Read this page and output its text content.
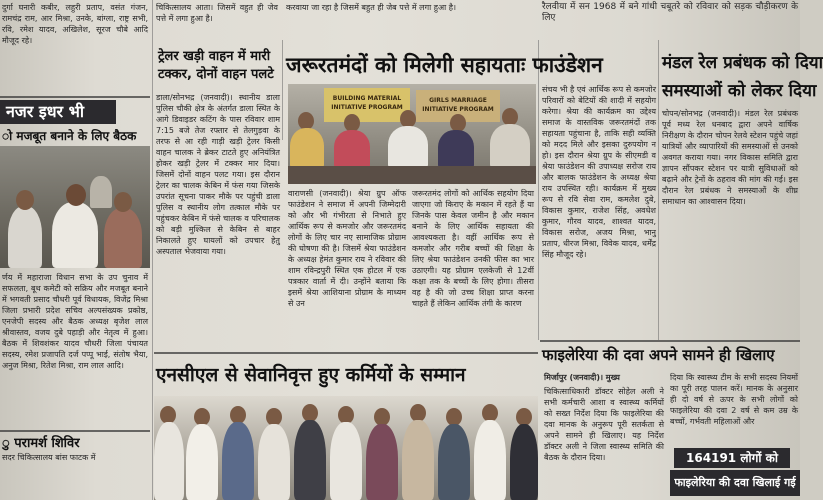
दुर्गा घनारी कबीर, लहुरी प्रताप, वसंत गंजन, रामचंद्र राम, आर मिश्रा, उनके, बांग्ला, राष्ट्र सभी, रवि, रमेश यादव, अखिलेश, सूरज चौबे आदि मौजूद रहे।
नजर इधर भी
ो मजबूत बनाने के लिए बैठक
र्णय में महाराजा विधान सभा के उप चुनाव में सफलता, बूथ कमेटी को सक्रिय और मजबूत बनाने में भगवती प्रसाद चौधरी पूर्व विधायक, विजेंद्र मिश्रा जिला प्रभारी प्रदेश सचिव अल्पसंख्यक प्रकोष्ठ, एनजेपी सदस्य और बैठक अध्यक्ष बृजेश लाल श्रीवास्तव, वजय दुबे पहाड़ी और नेतृत्व में हुआ। बैठक में शिवशंकर यादव चौधरी जिला पंचायत सदस्य, रमेश प्रजापति दर्ज पप्पू भाई, संतोष भैया, अनुज मिश्रा, रितेश मिश्रा, राम लाल आदि।
ु परामर्श शिविर
सदर चिकित्सालय बांस फाटक में
चिकित्सालय आता। जिसमें वहुत ही जेव पत्ते में लगा हुआ है।
ट्रेलर खड़ी वाहन में मारी टक्कर, दोनों वाहन पलटे
डाला/सोनभद्र (जनवादी)। स्थानीय डाला पुलिस चौकी क्षेत्र के अंतर्गत डाला स्थित के आगे डिवाइडर कटिंग के पास रविवार शाम 7:15 बजे तेज रफ्तार से तेलगुड़वा के तरफ से आ रही गाड़ी खड़ी ट्रेलर किसी वाहन चालक ने ब्रेकर टाटते हुए अनियंत्रित होकर खड़ी ट्रेलर में टक्कर मार दिया। जिसमें दोनों वाहन पलट गया। इस दौरान ट्रेलर का चालक केबिन में फंस गया जिसके उपरांत सूचना पाकर मौके पर पहुंची डाला पुलिस व स्थानीय लोग तत्काल मौके पर पहुंचकर केबिन में फंसे चालक व परिचालक को बड़ी मुश्किल से केबिन से बाहर निकालते हुए घायलों को उपचार हेतु अस्पताल भेजवाया गया।
करवाया जा रहा है जिसमें बहुत ही जेब पत्ते में लगा हुआ है।
जरूरतमंदों को मिलेगी सहायताः फाउंडेशन
BUILDING MATERIAL INITIATIVE PROGRAM
GIRLS MARRIAGE INITIATIVE PROGRAM
वाराणसी (जनवादी)। श्रेया ग्रुप ऑफ फाउंडेशन ने समाज में अपनी जिम्मेदारी को और भी गंभीरता से निभाते हुए आर्थिक रूप से कमजोर और जरूरतमंद लोगों के लिए चार नए सामाजिक प्रोग्राम की घोषणा की है। जिसमें श्रेया फाउंडेशन के अध्यक्ष हेमंत कुमार राय ने रविवार की शाम रविन्द्रपुरी स्थित एक होटल में एक पत्रकार वार्ता में दी। उन्होंने बताया कि इसमें श्रेया आशियाना प्रोग्राम के माध्यम से उन
जरूरतमंद लोगों को आर्थिक सहयोग दिया जाएगा जो किराए के मकान में रहते हैं या जिनके पास केवल जमीन है और मकान बनाने के लिए आर्थिक सहायता की आवश्यकता है। वहीं आर्थिक रूप से कमजोर और गरीब बच्चों की शिक्षा के लिए श्रेया फाउंडेशन उनकी फीस का भार उठाएगी। यह प्रोग्राम एलकेजी से 12वीं कक्षा तक के बच्चों के लिए होगा। तीसरा वह है की जो उच्च शिक्षा प्राप्त करना चाहते हैं लेकिन आर्थिक तंगी के कारण
संचय भी है एवं आर्थिक रूप से कमजोर परिवारों को बेटियों की शादी में सहयोग करेगा। श्रेया की कार्यक्रम का उद्देश्य समाज के वास्तविक जरूरतमंदों तक सहायता पहुंचाना है, ताकि सही व्यक्ति को मदद मिले और इसका दुरुपयोग न हो। इस दौरान श्रेया ग्रुप के सीएमडी व श्रेया फाउंडेशन की उपाध्यक्ष सरोज राय और बालक फाउंडेशन के अध्यक्ष श्रेया राय उपस्थित रही। कार्यक्रम में मुख्य रूप से रवि सेवा राम, कमलेश दुबे, विकास कुमार, राजेश सिंह, अवधेश कुमार, गौरव यादव, शाश्वत यादव, विकास सरोज, अजय मिश्रा, भानु प्रताप, धीरज मिश्रा, विवेक यादव, धर्मेंद्र सिंह मौजूद रहे।
रैलवीया में सन 1968 में बने गांधी चबूतरे को रविवार को सड़क चौड़ीकरण के लिए
मंडल रेल प्रबंधक को दिया
समस्याओं को लेकर दिया
चोपन/सोनभद्र (जनवादी)। मंडल रेल प्रबंधक पूर्व मध्य रेल धनबाद द्वारा अपने वार्षिक निरीक्षण के दौरान चोपन रेलवे स्टेशन पहुंचे जहां यात्रियों और व्यापारियों की समस्याओं से उनको अवगत कराया गया। नगर विकास समिति द्वारा ज्ञापन सौंपकर स्टेशन पर यात्री सुविधाओं को बढ़ाने और ट्रेनों के ठहराव की मांग की गई। इस दौरान रेल प्रबंधक ने समस्याओं के शीघ्र समाधान का आश्वासन दिया।
एनसीएल से सेवानिवृत्त हुए कर्मियों के सम्मान
फाइलेरिया की दवा अपने सामने ही खिलाए
मिर्जापुर (जनवादी)। मुख्य
चिकित्साधिकारी डॉक्टर सोहेल अली ने सभी कर्मचारी आशा व स्वास्थ्य कर्मियों को सख्त निर्देश दिया कि फाइलेरिया की दवा मानक के अनुरूप पूरी सतर्कता से अपने सामने ही खिलाए। यह निर्देश डॉक्टर अली ने जिला स्वास्थ्य समिति की बैठक के दौरान दिया।
दिया कि स्वास्थ्य टीम के सभी सदस्य नियमों का पूरी तरह पालन करें। मानक के अनुसार ही दो वर्ष से ऊपर के सभी लोगों को फाइलेरिया की दवा 2 वर्ष से कम उम्र के बच्चों, गर्भवती महिलाओं और
164191 लोगों को
फाइलेरिया की दवा खिलाई गई
